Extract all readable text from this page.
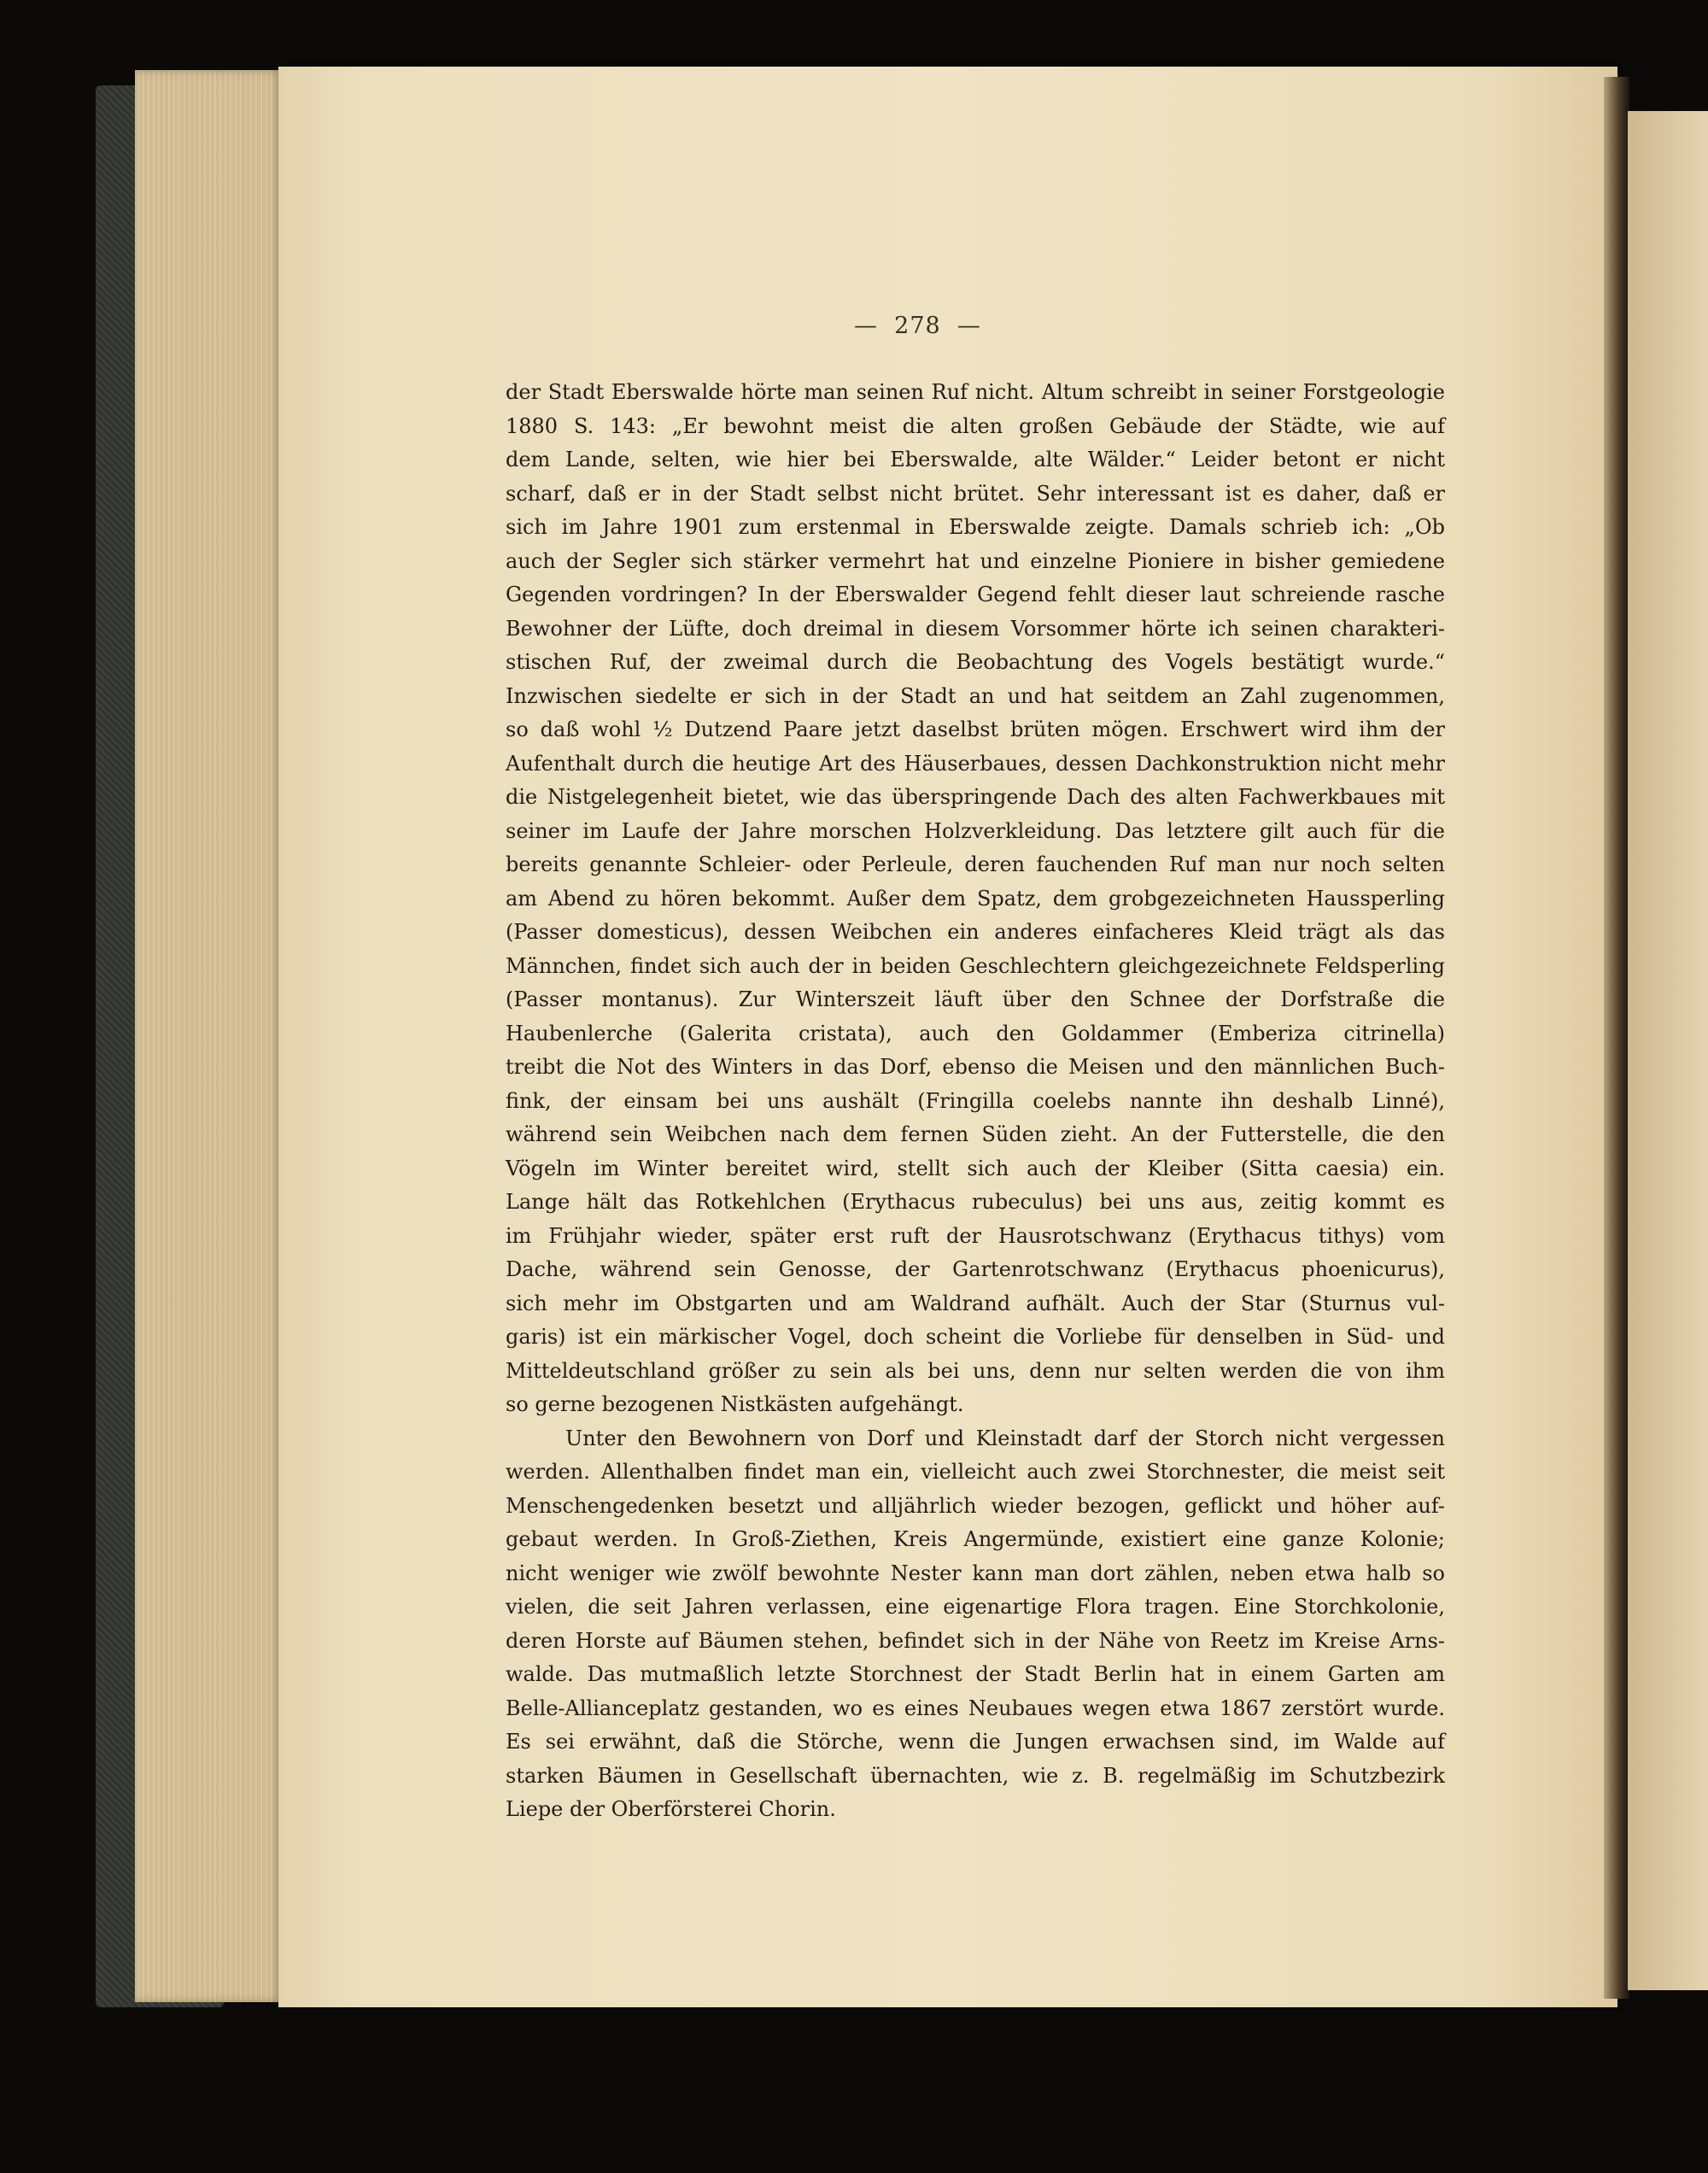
—  278  —
der Stadt Eberswalde hörte man seinen Ruf nicht. Altum schreibt in seiner Forstgeologie
1880 S. 143: „Er bewohnt meist die alten großen Gebäude der Städte, wie auf
dem Lande, selten, wie hier bei Eberswalde, alte Wälder.“ Leider betont er nicht
scharf, daß er in der Stadt selbst nicht brütet. Sehr interessant ist es daher, daß er
sich im Jahre 1901 zum erstenmal in Eberswalde zeigte. Damals schrieb ich: „Ob
auch der Segler sich stärker vermehrt hat und einzelne Pioniere in bisher gemiedene
Gegenden vordringen? In der Eberswalder Gegend fehlt dieser laut schreiende rasche
Bewohner der Lüfte, doch dreimal in diesem Vorsommer hörte ich seinen charakteri-
stischen Ruf, der zweimal durch die Beobachtung des Vogels bestätigt wurde.“
Inzwischen siedelte er sich in der Stadt an und hat seitdem an Zahl zugenommen,
so daß wohl ½ Dutzend Paare jetzt daselbst brüten mögen. Erschwert wird ihm der
Aufenthalt durch die heutige Art des Häuserbaues, dessen Dachkonstruktion nicht mehr
die Nistgelegenheit bietet, wie das überspringende Dach des alten Fachwerkbaues mit
seiner im Laufe der Jahre morschen Holzverkleidung. Das letztere gilt auch für die
bereits genannte Schleier- oder Perleule, deren fauchenden Ruf man nur noch selten
am Abend zu hören bekommt. Außer dem Spatz, dem grobgezeichneten Haussperling
(Passer domesticus), dessen Weibchen ein anderes einfacheres Kleid trägt als das
Männchen, findet sich auch der in beiden Geschlechtern gleichgezeichnete Feldsperling
(Passer montanus). Zur Winterszeit läuft über den Schnee der Dorfstraße die
Haubenlerche (Galerita cristata), auch den Goldammer (Emberiza citrinella)
treibt die Not des Winters in das Dorf, ebenso die Meisen und den männlichen Buch-
fink, der einsam bei uns aushält (Fringilla coelebs nannte ihn deshalb Linné),
während sein Weibchen nach dem fernen Süden zieht. An der Futterstelle, die den
Vögeln im Winter bereitet wird, stellt sich auch der Kleiber (Sitta caesia) ein.
Lange hält das Rotkehlchen (Erythacus rubeculus) bei uns aus, zeitig kommt es
im Frühjahr wieder, später erst ruft der Hausrotschwanz (Erythacus tithys) vom
Dache, während sein Genosse, der Gartenrotschwanz (Erythacus phoenicurus),
sich mehr im Obstgarten und am Waldrand aufhält. Auch der Star (Sturnus vul-
garis) ist ein märkischer Vogel, doch scheint die Vorliebe für denselben in Süd- und
Mitteldeutschland größer zu sein als bei uns, denn nur selten werden die von ihm
so gerne bezogenen Nistkästen aufgehängt.
Unter den Bewohnern von Dorf und Kleinstadt darf der Storch nicht vergessen
werden. Allenthalben findet man ein, vielleicht auch zwei Storchnester, die meist seit
Menschengedenken besetzt und alljährlich wieder bezogen, geflickt und höher auf-
gebaut werden. In Groß-Ziethen, Kreis Angermünde, existiert eine ganze Kolonie;
nicht weniger wie zwölf bewohnte Nester kann man dort zählen, neben etwa halb so
vielen, die seit Jahren verlassen, eine eigenartige Flora tragen. Eine Storchkolonie,
deren Horste auf Bäumen stehen, befindet sich in der Nähe von Reetz im Kreise Arns-
walde. Das mutmaßlich letzte Storchnest der Stadt Berlin hat in einem Garten am
Belle-Allianceplatz gestanden, wo es eines Neubaues wegen etwa 1867 zerstört wurde.
Es sei erwähnt, daß die Störche, wenn die Jungen erwachsen sind, im Walde auf
starken Bäumen in Gesellschaft übernachten, wie z. B. regelmäßig im Schutzbezirk
Liepe der Oberförsterei Chorin.
